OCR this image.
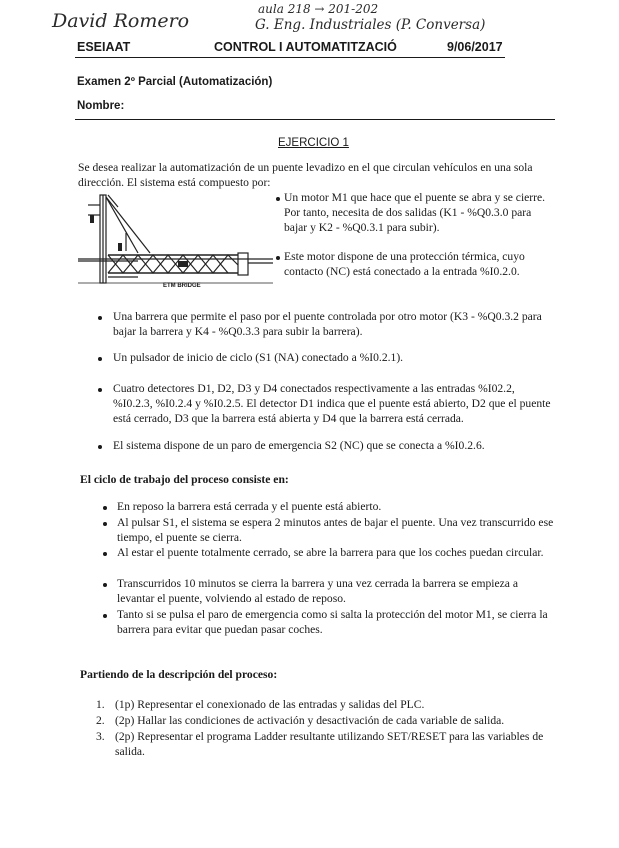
David Romero
aula 218 → 201-202
G. Eng. Industriales (P. Conversa)
ESEIAAT	CONTROL I AUTOMATITZACIÓ	9/06/2017
Examen 2º Parcial (Automatización)
Nombre:
EJERCICIO 1
Se desea realizar la automatización de un puente levadizo en el que circulan vehículos en una sola dirección. El sistema está compuesto por:
ETM BRIDGE
Un motor M1 que hace que el puente se abra y se cierre. Por tanto, necesita de dos salidas (K1 - %Q0.3.0 para bajar y K2 - %Q0.3.1 para subir).
Este motor dispone de una protección térmica, cuyo contacto (NC) está conectado a la entrada %I0.2.0.
Una barrera que permite el paso por el puente controlada por otro motor (K3 - %Q0.3.2 para bajar la barrera y K4 - %Q0.3.3 para subir la barrera).
Un pulsador de inicio de ciclo (S1 (NA) conectado a %I0.2.1).
Cuatro detectores D1, D2, D3 y D4 conectados respectivamente a las entradas %I02.2, %I0.2.3, %I0.2.4 y %I0.2.5. El detector D1 indica que el puente está abierto, D2 que el puente está cerrado, D3 que la barrera está abierta y D4 que la barrera está cerrada.
El sistema dispone de un paro de emergencia S2 (NC) que se conecta a %I0.2.6.
El ciclo de trabajo del proceso consiste en:
En reposo la barrera está cerrada y el puente está abierto.
Al pulsar S1, el sistema se espera 2 minutos antes de bajar el puente. Una vez transcurrido ese tiempo, el puente se cierra.
Al estar el puente totalmente cerrado, se abre la barrera para que los coches puedan circular.
Transcurridos 10 minutos se cierra la barrera y una vez cerrada la barrera se empieza a levantar el puente, volviendo al estado de reposo.
Tanto si se pulsa el paro de emergencia como si salta la protección del motor M1, se cierra la barrera para evitar que puedan pasar coches.
Partiendo de la descripción del proceso:
1. (1p) Representar el conexionado de las entradas y salidas del PLC.
2. (2p) Hallar las condiciones de activación y desactivación de cada variable de salida.
3. (2p) Representar el programa Ladder resultante utilizando SET/RESET para las variables de salida.
